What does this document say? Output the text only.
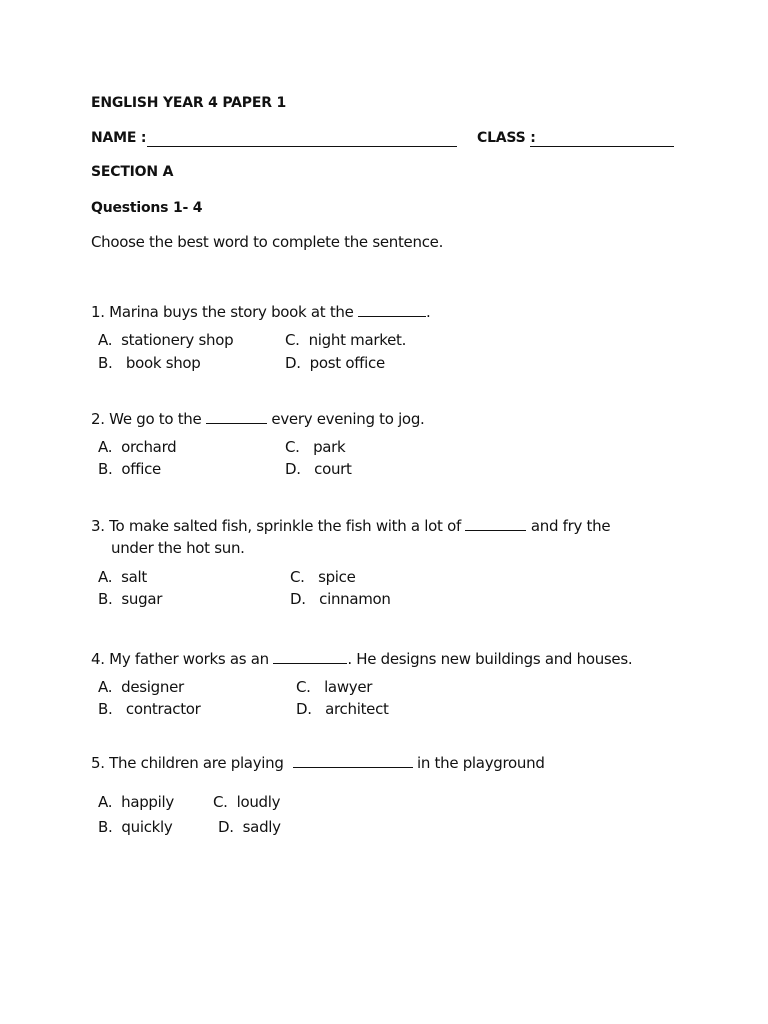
ENGLISH YEAR 4 PAPER 1
NAME :	CLASS :
SECTION A
Questions 1- 4
Choose the best word to complete the sentence.
1. Marina buys the story book at the	.
A. stationery shop
B. book shop
C. night market.
D. post office
2. We go to the	every evening to jog.
A. orchard
B. office
C. park
D. court
3. To make salted fish, sprinkle the fish with a lot of	and fry the
under the hot sun.
A. salt
B. sugar
C. spice
D. cinnamon
4. My father works as an	. He designs new buildings and houses.
A. designer
B. contractor
C. lawyer
D. architect
5. The children are playing	in the playground
A. happily
B. quickly
C. loudly
D. sadly
